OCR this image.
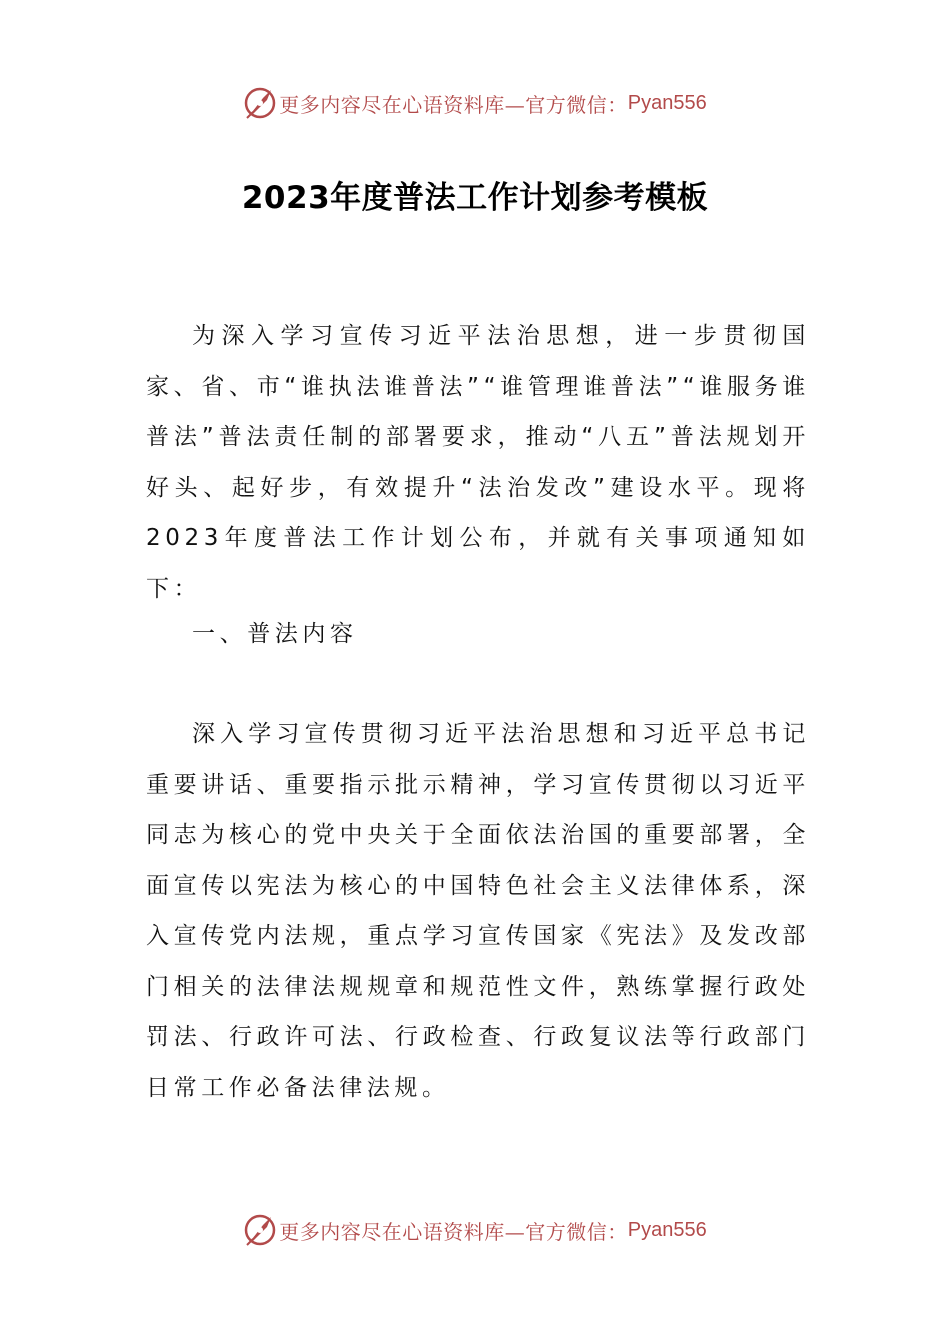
更多内容尽在心语资料库—官方微信： Pyan556
2023年度普法工作计划参考模板

为深入学习宣传习近平法治思想，进一步贯彻国家、省、市“谁执法谁普法”“谁管理谁普法”“谁服务谁普法”普法责任制的部署要求，推动“八五”普法规划开好头、起好步，有效提升“法治发改”建设水平。现将2023年度普法工作计划公布，并就有关事项通知如下：

一、普法内容

深入学习宣传贯彻习近平法治思想和习近平总书记重要讲话、重要指示批示精神，学习宣传贯彻以习近平同志为核心的党中央关于全面依法治国的重要部署，全面宣传以宪法为核心的中国特色社会主义法律体系，深入宣传党内法规，重点学习宣传国家《宪法》及发改部门相关的法律法规规章和规范性文件，熟练掌握行政处罚法、行政许可法、行政检查、行政复议法等行政部门日常工作必备法律法规。

更多内容尽在心语资料库—官方微信： Pyan556
